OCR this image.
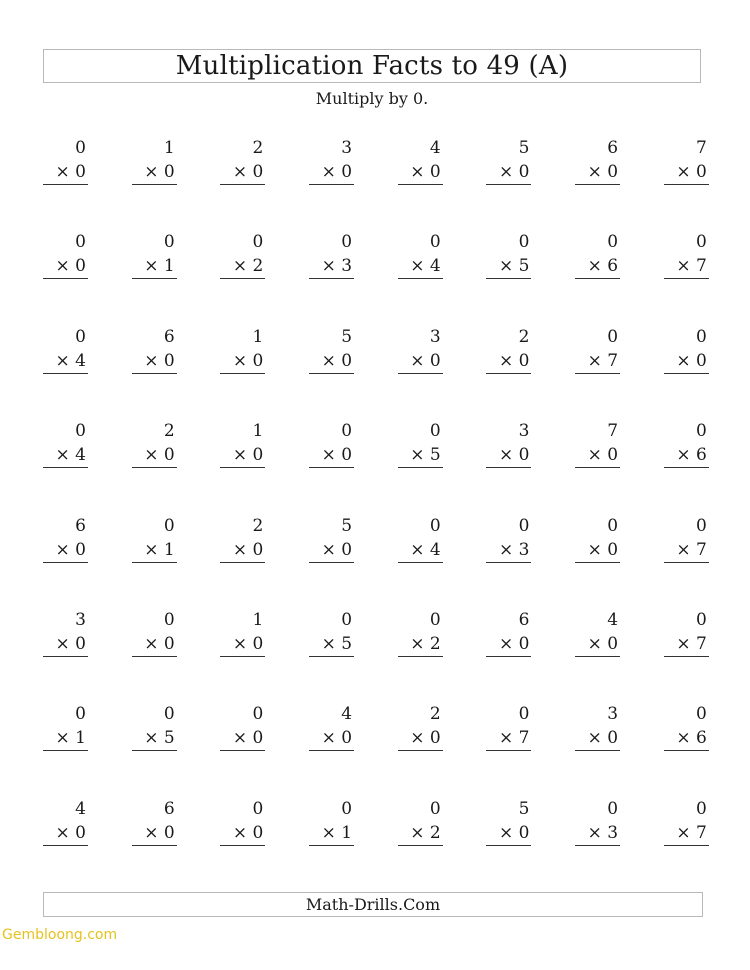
Multiplication Facts to 49 (A)
Multiply by 0.
0
× 0
1
× 0
2
× 0
3
× 0
4
× 0
5
× 0
6
× 0
7
× 0
0
× 0
0
× 1
0
× 2
0
× 3
0
× 4
0
× 5
0
× 6
0
× 7
0
× 4
6
× 0
1
× 0
5
× 0
3
× 0
2
× 0
0
× 7
0
× 0
0
× 4
2
× 0
1
× 0
0
× 0
0
× 5
3
× 0
7
× 0
0
× 6
6
× 0
0
× 1
2
× 0
5
× 0
0
× 4
0
× 3
0
× 0
0
× 7
3
× 0
0
× 0
1
× 0
0
× 5
0
× 2
6
× 0
4
× 0
0
× 7
0
× 1
0
× 5
0
× 0
4
× 0
2
× 0
0
× 7
3
× 0
0
× 6
4
× 0
6
× 0
0
× 0
0
× 1
0
× 2
5
× 0
0
× 3
0
× 7
Math-Drills.Com
Gembloong.com
